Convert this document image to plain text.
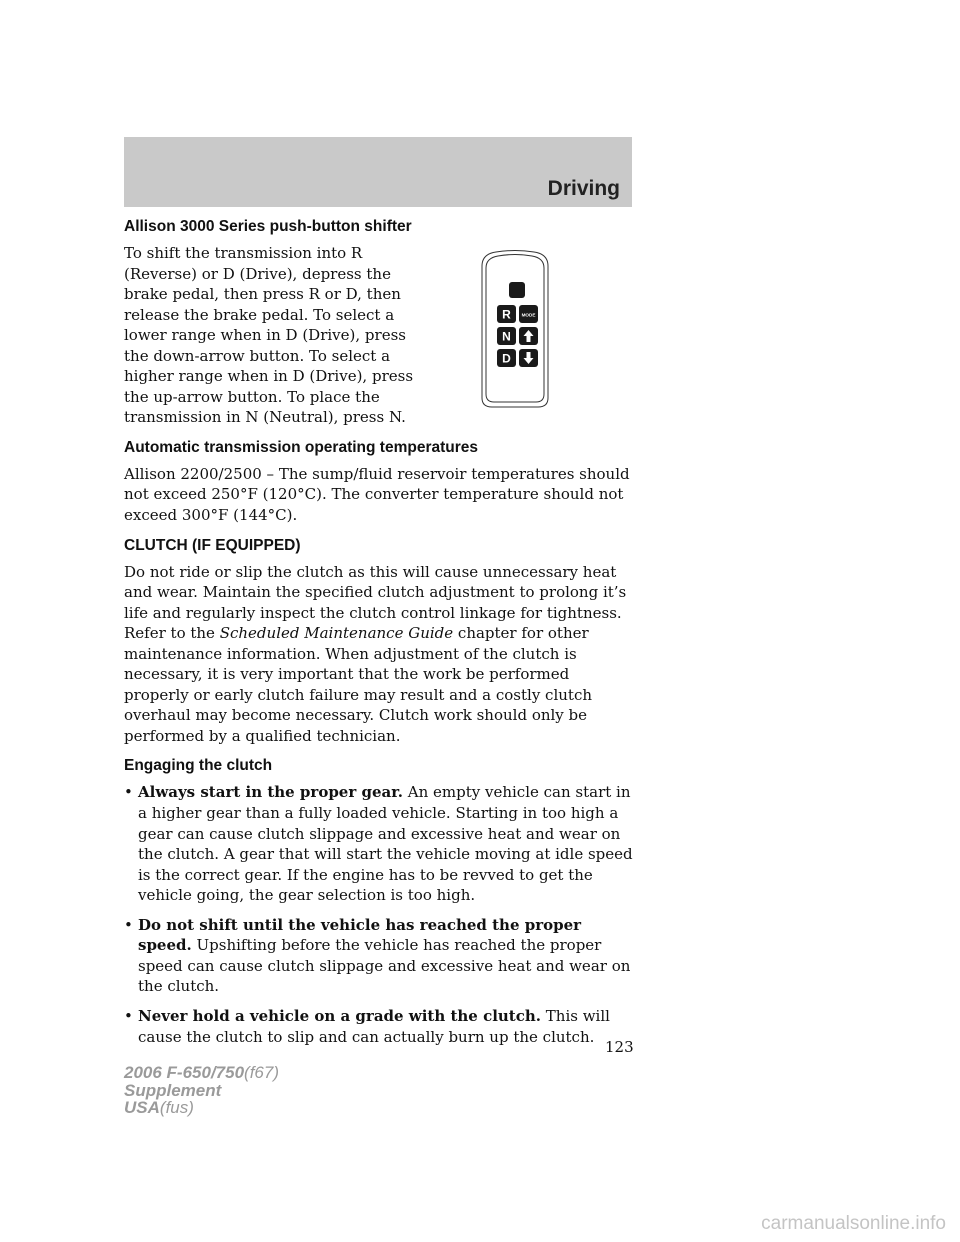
Driving
R MODE
N
D
Allison 3000 Series push-button shifter

To shift the transmission into R (Reverse) or D (Drive), depress the brake pedal, then press R or D, then release the brake pedal. To select a lower range when in D (Drive), press the down-arrow button. To select a higher range when in D (Drive), press the up-arrow button. To place the transmission in N (Neutral), press N.

Automatic transmission operating temperatures

Allison 2200/2500 – The sump/fluid reservoir temperatures should not exceed 250°F (120°C). The converter temperature should not exceed 300°F (144°C).

CLUTCH (IF EQUIPPED)

Do not ride or slip the clutch as this will cause unnecessary heat and wear. Maintain the specified clutch adjustment to prolong it’s life and regularly inspect the clutch control linkage for tightness. Refer to the Scheduled Maintenance Guide chapter for other maintenance information. When adjustment of the clutch is necessary, it is very important that the work be performed properly or early clutch failure may result and a costly clutch overhaul may become necessary. Clutch work should only be performed by a qualified technician.

Engaging the clutch
• Always start in the proper gear. An empty vehicle can start in a higher gear than a fully loaded vehicle. Starting in too high a gear can cause clutch slippage and excessive heat and wear on the clutch. A gear that will start the vehicle moving at idle speed is the correct gear. If the engine has to be revved to get the vehicle going, the gear selection is too high.
• Do not shift until the vehicle has reached the proper speed. Upshifting before the vehicle has reached the proper speed can cause clutch slippage and excessive heat and wear on the clutch.
• Never hold a vehicle on a grade with the clutch. This will cause the clutch to slip and can actually burn up the clutch.
123
2006 F-650/750(f67)
Supplement
USA(fus)
carmanualsonline.info
